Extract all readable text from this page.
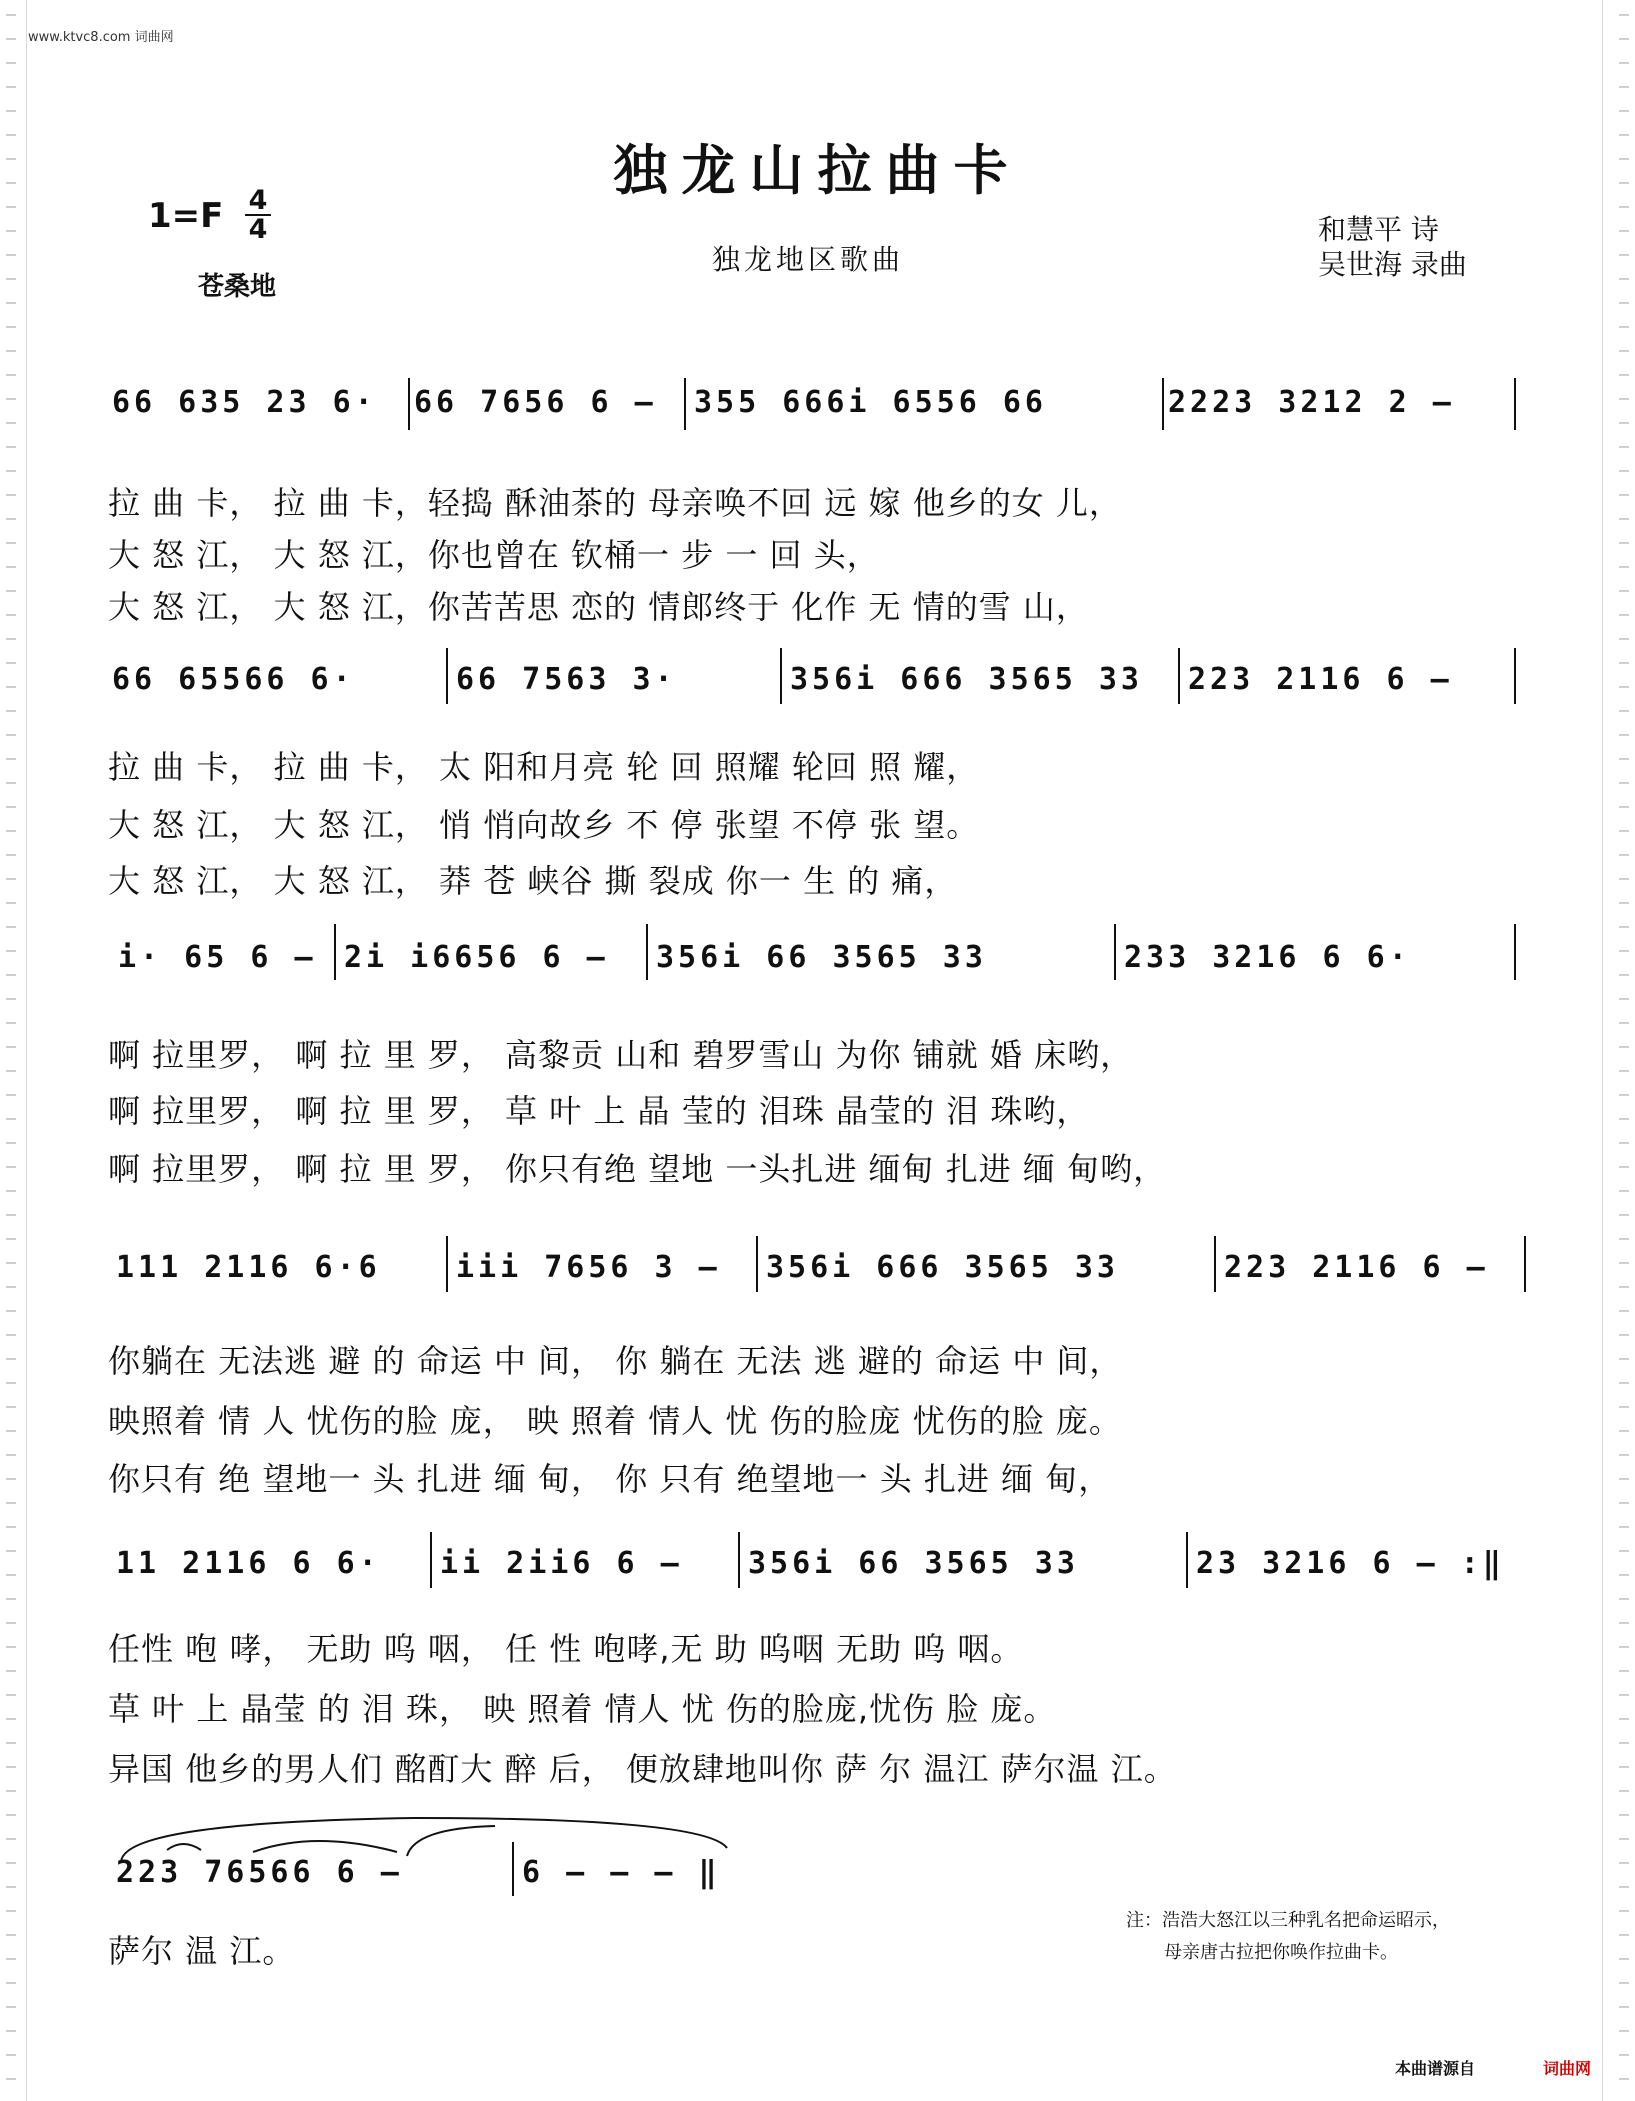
www.ktvc8.com 词曲网
独龙山拉曲卡
1=F 4
4
苍桑地
独龙地区歌曲
和慧平 诗
吴世海 录曲
66 635 23 6· 66 7656 6 – 355 666i 6556 66	2223 3212 2 –
拉 曲 卡， 拉 曲 卡，轻捣 酥油茶的 母亲唤不回 远 嫁 他乡的女 儿，
大 怒 江， 大 怒 江，你也曾在 钦桶一 步 一 回 头，
大 怒 江， 大 怒 江，你苦苦思 恋的 情郎终于 化作 无 情的雪 山，
66 65566 6·	66 7563 3·	356i 666 3565 33 223 2116 6 –
拉 曲 卡， 拉 曲 卡， 太 阳和月亮 轮 回 照耀 轮回 照 耀，
大 怒 江， 大 怒 江， 悄 悄向故乡 不 停 张望 不停 张 望。
大 怒 江， 大 怒 江， 莽 苍 峡谷 撕 裂成 你一 生 的 痛，
i· 65 6 – 2i i6656 6 – 356i 66 3565 33	233 3216 6 6·
啊 拉里罗， 啊 拉 里 罗， 高黎贡 山和 碧罗雪山 为你 铺就 婚 床哟，
啊 拉里罗， 啊 拉 里 罗， 草 叶 上 晶 莹的 泪珠 晶莹的 泪 珠哟，
啊 拉里罗， 啊 拉 里 罗， 你只有绝 望地 一头扎进 缅甸 扎进 缅 甸哟，
111 2116 6·6	iii 7656 3 – 356i 666 3565 33	223 2116 6 –
你躺在 无法逃 避 的 命运 中 间， 你 躺在 无法 逃 避的 命运 中 间，
映照着 情 人 忧伤的脸 庞， 映 照着 情人 忧 伤的脸庞 忧伤的脸 庞。
你只有 绝 望地一 头 扎进 缅 甸， 你 只有 绝望地一 头 扎进 缅 甸，
11 2116 6 6· ii 2ii6 6 – 356i 66 3565 33	23 3216 6 – :‖
任性 咆 哮， 无助 呜 咽， 任 性 咆哮,无 助 呜咽 无助 呜 咽。
草 叶 上 晶莹 的 泪 珠， 映 照着 情人 忧 伤的脸庞,忧伤 脸 庞。
异国 他乡的男人们 酩酊大 醉 后， 便放肆地叫你 萨 尔 温江 萨尔温 江。
223 76566 6 –	6 – – – ‖
萨尔 温 江。
注：浩浩大怒江以三种乳名把命运昭示，
母亲唐古拉把你唤作拉曲卡。
本曲谱源自	词曲网
